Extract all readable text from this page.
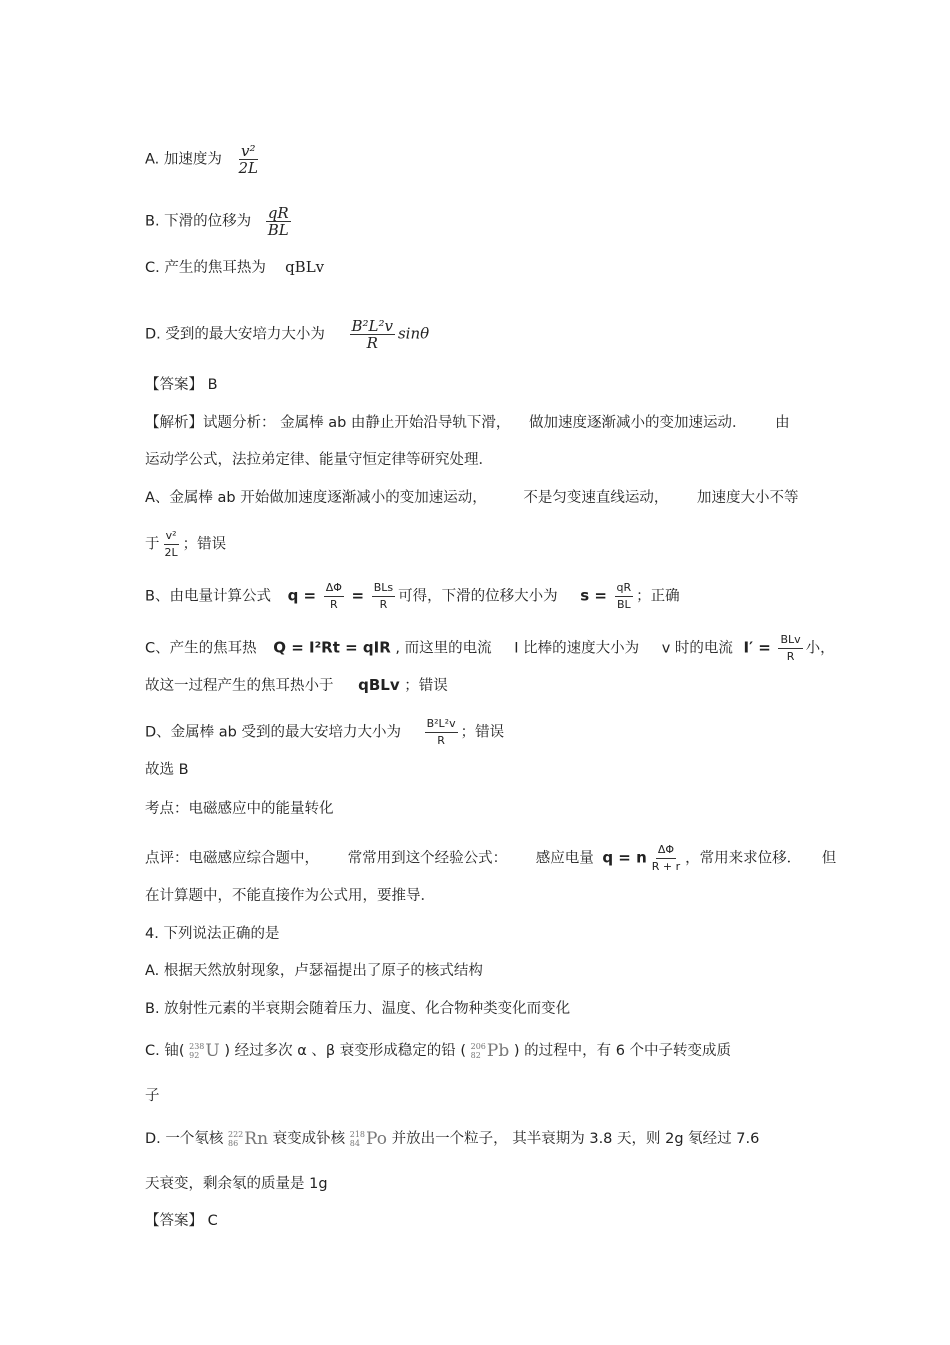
A. 加速度为 $\frac{\text{v²}}{2L}$
B. 下滑的位移为 $\frac{qR}{BL}$
C. 产生的焦耳热为 qBLv
D. 受到的最大安培力大小为 $\frac{\text{B²L²v}}{R}$ sinθ
【答案】 B
【解析】试题分析： 金属棒 ab 由静止开始沿导轨下滑， 做加速度逐渐减小的变加速运动． 由
运动学公式，法拉弟定律、能量守恒定律等研究处理．
A、金属棒 ab 开始做加速度逐渐减小的变加速运动，	不是匀变速直线运动， 加速度大小不等
于 $\frac{\text{v²}}{2L}$ ；错误
B、由电量计算公式 $q = \frac{\Delta\Phi}{R} = \frac{\text{BLs}}{R}$ 可得，下滑的位移大小为 $s = \frac{qR}{BL}$ ；正确
C、产生的焦耳热 Q = I²Rt = qIR , 而这里的电流 I 比棒的速度大小为 v 时的电流 $I' = \frac{\text{BLv}}{R}$ 小，
故这一过程产生的焦耳热小于 qBLv ；错误
D、金属棒 ab 受到的最大安培力大小为 $\frac{\text{B²L²v}}{R}$ ；错误
故选 B
考点：电磁感应中的能量转化
点评：电磁感应综合题中， 常常用到这个经验公式： 感应电量 q = n $\frac{\Delta\Phi}{R + r}$ ，常用来求位移． 但
在计算题中，不能直接作为公式用，要推导．
4. 下列说法正确的是
A. 根据天然放射现象，卢瑟福提出了原子的核式结构
B. 放射性元素的半衰期会随着压力、温度、化合物种类变化而变化
C. 铀( 238
92 U ) 经过多次 α 、β 衰变形成稳定的铅 ( 206
82 Pb ) 的过程中，有 6 个中子转变成质
子
D. 一个氡核 222
86 Rn 衰变成钋核 218
84 Po 并放出一个粒子， 其半衰期为 3.8 天，则 2g 氡经过 7.6
天衰变，剩余氡的质量是 1g
【答案】 C
